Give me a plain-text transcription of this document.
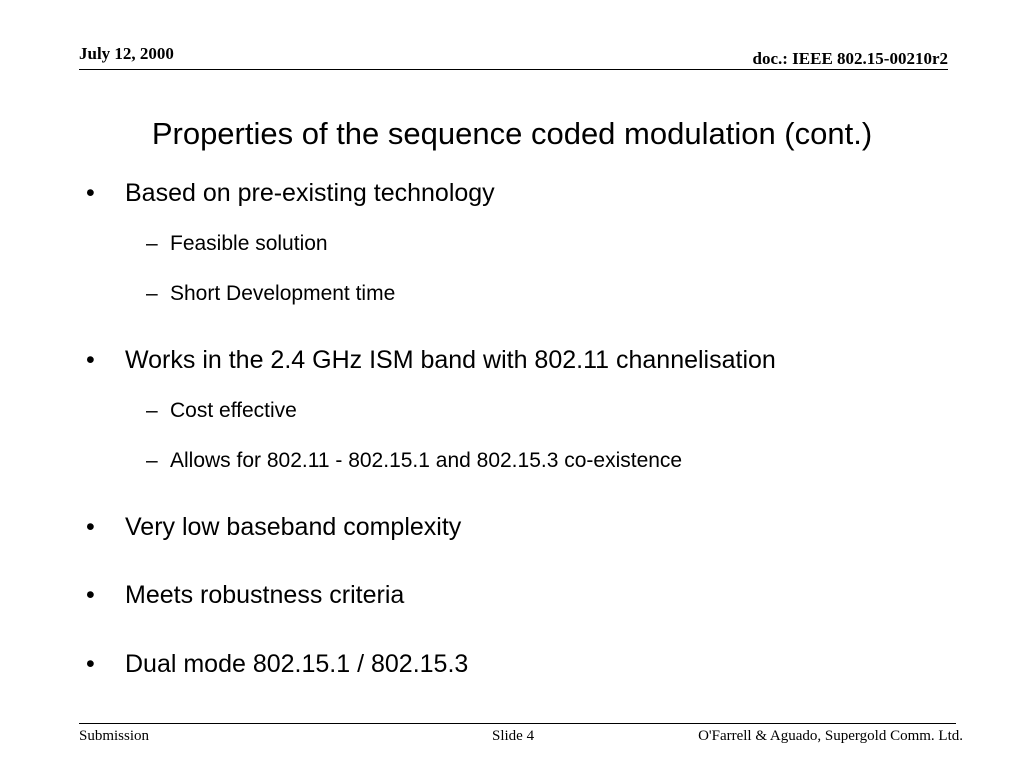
July 12, 2000	doc.: IEEE 802.15-00210r2
Properties of the sequence coded modulation (cont.)
• Based on pre-existing technology
– Feasible solution
– Short Development time
• Works in the 2.4 GHz ISM band with 802.11 channelisation
– Cost effective
– Allows for 802.11 - 802.15.1 and 802.15.3 co-existence
• Very low baseband complexity
• Meets robustness criteria
• Dual mode 802.15.1 / 802.15.3
Submission	Slide 4	O'Farrell & Aguado, Supergold Comm. Ltd.
